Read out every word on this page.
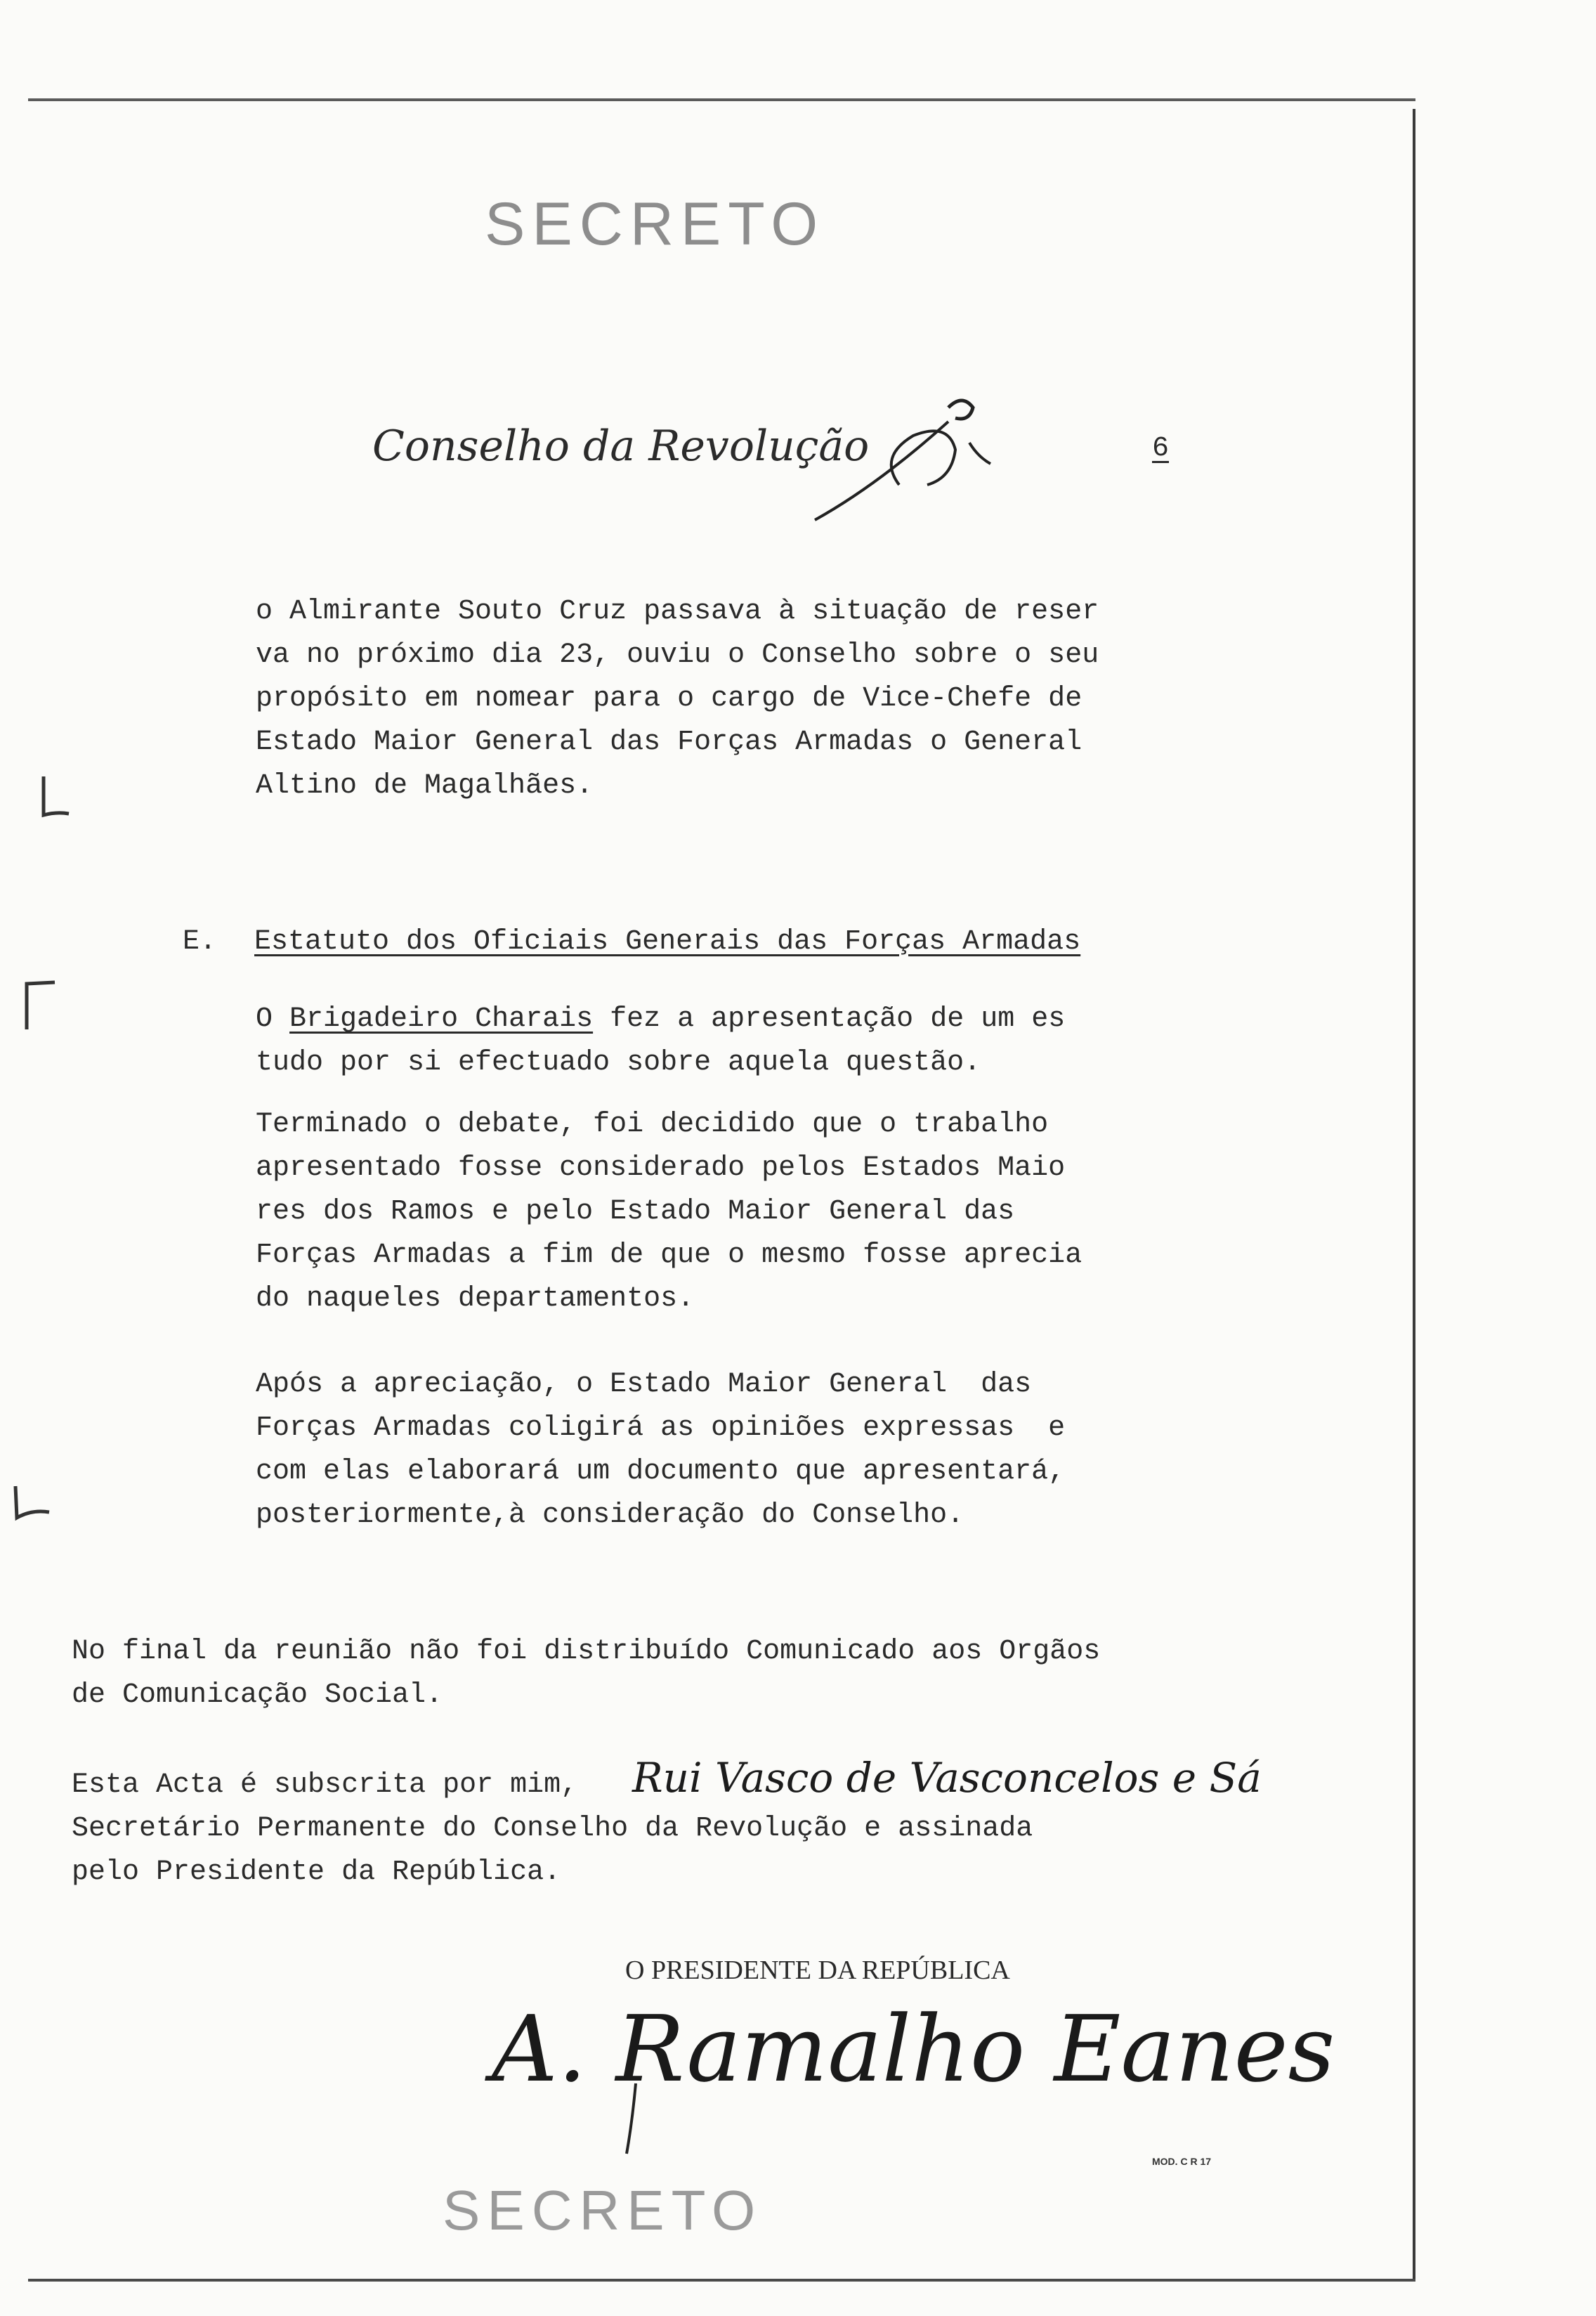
SECRETO
Conselho da Revolução	6
o Almirante Souto Cruz passava à situação de reser
va no próximo dia 23, ouviu o Conselho sobre o seu
propósito em nomear para o cargo de Vice-Chefe de
Estado Maior General das Forças Armadas o General
Altino de Magalhães.
E. Estatuto dos Oficiais Generais das Forças Armadas
O Brigadeiro Charais fez a apresentação de um es
tudo por si efectuado sobre aquela questão.
Terminado o debate, foi decidido que o trabalho
apresentado fosse considerado pelos Estados Maio
res dos Ramos e pelo Estado Maior General das
Forças Armadas a fim de que o mesmo fosse aprecia
do naqueles departamentos.
Após a apreciação, o Estado Maior General  das
Forças Armadas coligirá as opiniões expressas  e
com elas elaborará um documento que apresentará,
posteriormente,à consideração do Conselho.
No final da reunião não foi distribuído Comunicado aos Orgãos
de Comunicação Social.
Esta Acta é subscrita por mim,
Secretário Permanente do Conselho da Revolução e assinada
pelo Presidente da República.
Rui Vasco de Vasconcelos e Sá
O PRESIDENTE DA REPÚBLICA
A. Ramalho Eanes
MOD. C R 17
SECRETO
